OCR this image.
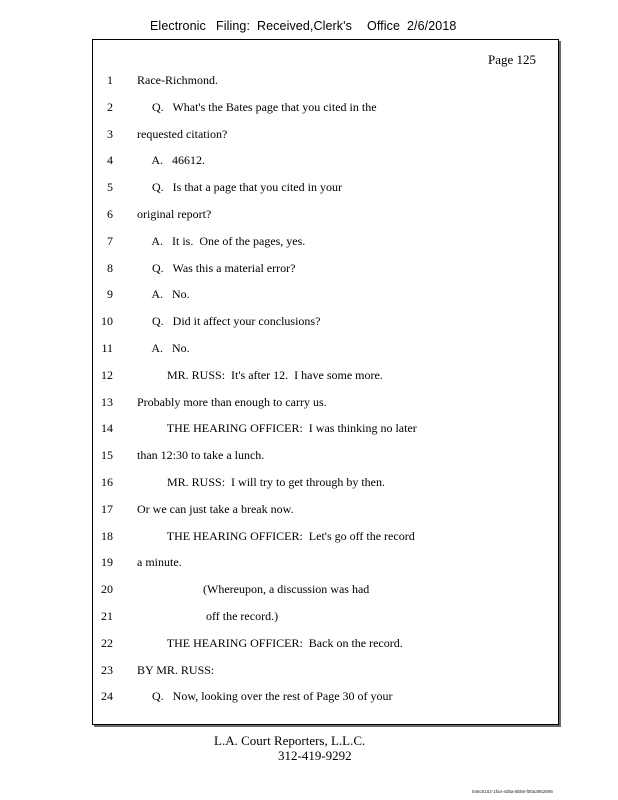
Electronic

Filing:

Received,Clerk's

Office

2/6/2018

Page 125
1 Race-Richmond.
2 Q.   What's the Bates page that you cited in the
3 requested citation?
4 A.   46612.
5 Q.   Is that a page that you cited in your
6 original report?
7 A.   It is.  One of the pages, yes.
8 Q.   Was this a material error?
9 A.   No.
10 Q.   Did it affect your conclusions?
11 A.   No.
12 MR. RUSS:  It's after 12.  I have some more.
13 Probably more than enough to carry us.
14 THE HEARING OFFICER:  I was thinking no later
15 than 12:30 to take a lunch.
16 MR. RUSS:  I will try to get through by then.
17 Or we can just take a break now.
18 THE HEARING OFFICER:  Let's go off the record
19 a minute.
20 (Whereupon, a discussion was had
21 off the record.)
22 THE HEARING OFFICER:  Back on the record.
23 BY MR. RUSS:
24 Q.   Now, looking over the rest of Page 30 of your
L.A. Court Reporters, L.L.C.
312-419-9292
546c5102-1fa4-4d5a-8b56-f00a3952896
